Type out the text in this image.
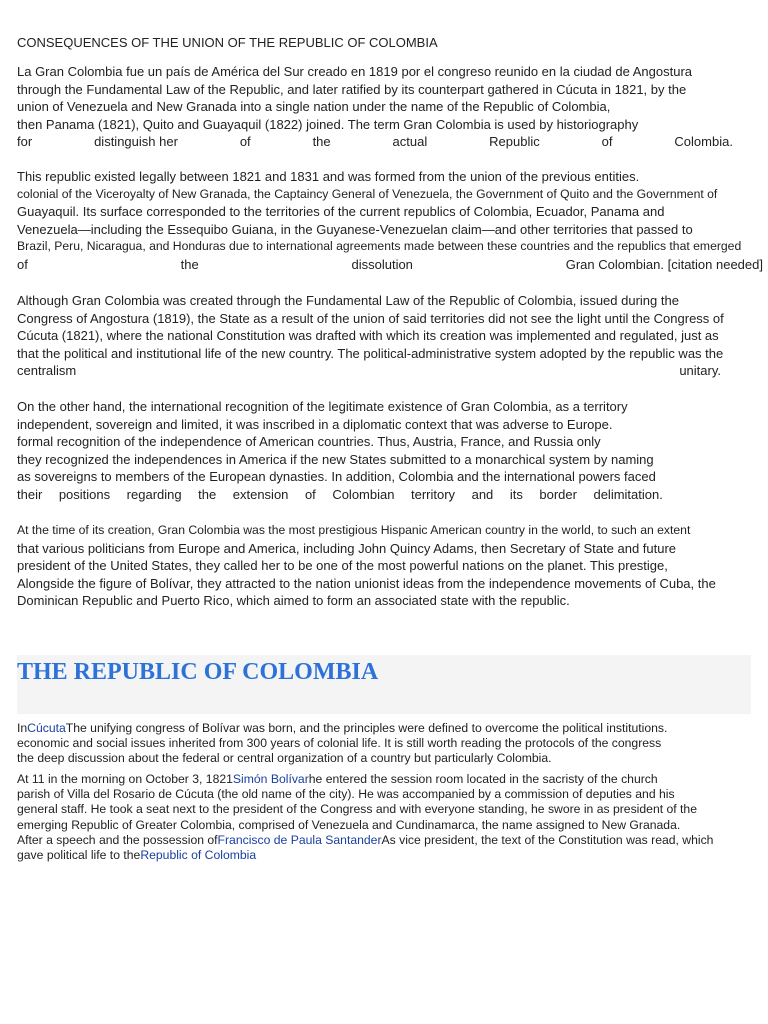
CONSEQUENCES OF THE UNION OF THE REPUBLIC OF COLOMBIA
La Gran Colombia fue un país de América del Sur creado en 1819 por el congreso reunido en la ciudad de Angostura
through the Fundamental Law of the Republic, and later ratified by its counterpart gathered in Cúcuta in 1821, by the
union of Venezuela and New Granada into a single nation under the name of the Republic of Colombia,
then Panama (1821), Quito and Guayaquil (1822) joined. The term Gran Colombia is used by historiography
for	distinguish her	of	the	actual	Republic	of	Colombia.
This republic existed legally between 1821 and 1831 and was formed from the union of the previous entities.
colonial of the Viceroyalty of New Granada, the Captaincy General of Venezuela, the Government of Quito and the Government of
Guayaquil. Its surface corresponded to the territories of the current republics of Colombia, Ecuador, Panama and
Venezuela—including the Essequibo Guiana, in the Guyanese-Venezuelan claim—and other territories that passed to
Brazil, Peru, Nicaragua, and Honduras due to international agreements made between these countries and the republics that emerged
of	the	dissolution	Gran Colombian. [citation needed]
Although Gran Colombia was created through the Fundamental Law of the Republic of Colombia, issued during the
Congress of Angostura (1819), the State as a result of the union of said territories did not see the light until the Congress of
Cúcuta (1821), where the national Constitution was drafted with which its creation was implemented and regulated, just as
that the political and institutional life of the new country. The political-administrative system adopted by the republic was the
centralism	unitary.
On the other hand, the international recognition of the legitimate existence of Gran Colombia, as a territory
independent, sovereign and limited, it was inscribed in a diplomatic context that was adverse to Europe.
formal recognition of the independence of American countries. Thus, Austria, France, and Russia only
they recognized the independences in America if the new States submitted to a monarchical system by naming
as sovereigns to members of the European dynasties. In addition, Colombia and the international powers faced
their positions regarding the extension of Colombian territory and its border delimitation.
At the time of its creation, Gran Colombia was the most prestigious Hispanic American country in the world, to such an extent
that various politicians from Europe and America, including John Quincy Adams, then Secretary of State and future
president of the United States, they called her to be one of the most powerful nations on the planet. This prestige,
Alongside the figure of Bolívar, they attracted to the nation unionist ideas from the independence movements of Cuba, the
Dominican Republic and Puerto Rico, which aimed to form an associated state with the republic.
THE REPUBLIC OF COLOMBIA
InCúcutaThe unifying congress of Bolívar was born, and the principles were defined to overcome the political institutions.
economic and social issues inherited from 300 years of colonial life. It is still worth reading the protocols of the congress
the deep discussion about the federal or central organization of a country but particularly Colombia.
At 11 in the morning on October 3, 1821Simón Bolívarhe entered the session room located in the sacristy of the church
parish of Villa del Rosario de Cúcuta (the old name of the city). He was accompanied by a commission of deputies and his
general staff. He took a seat next to the president of the Congress and with everyone standing, he swore in as president of the
emerging Republic of Greater Colombia, comprised of Venezuela and Cundinamarca, the name assigned to New Granada.
After a speech and the possession ofFrancisco de Paula SantanderAs vice president, the text of the Constitution was read, which
gave political life to theRepublic of Colombia
